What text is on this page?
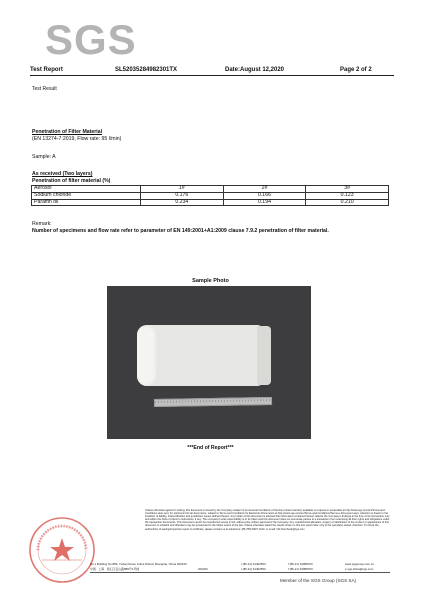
SGS
Test Report	SL52035284982301TX	Date:August 12,2020	Page 2 of 2
Test Result
Penetration of Filter Material
(EN 13274-7:2019, Flow rate: 95 l/min)
Sample: A
As received (Two layers)
Penetration of filter material (%)
Aerosol	1#	2#	3#
Sodium chloride	0.176	0.166	0.123
Paraffin oil	0.234	0.194	0.210
Remark:
Number of specimens and flow rate refer to parameter of EN 149:2001+A1:2009 clause 7.9.2 penetration of filter material.
Sample Photo
***End of Report***
Unless otherwise agreed in writing, this document is issued by the Company subject to its General Conditions of Service printed overleaf, available on request or accessible at http://www.sgs.com/en/Terms-and-Conditions.aspx and, for electronic format documents, subject to Terms and Conditions for Electronic Documents at http://www.sgs.com/en/Terms-and-Conditions/Terms-e-Document.aspx. Attention is drawn to the limitation of liability, indemnification and jurisdiction issues defined therein. Any holder of this document is advised that information contained hereon reflects the Company's findings at the time of its intervention only and within the limits of Client's instructions, if any. The Company's sole responsibility is to its Client and this document does not exonerate parties to a transaction from exercising all their rights and obligations under the transaction documents. This document cannot be reproduced except in full, without prior written approval of the Company. Any unauthorized alteration, forgery or falsification of the content or appearance of this document is unlawful and offenders may be prosecuted to the fullest extent of the law. Unless otherwise stated the results shown in this test report refer only to the sample(s) tested. Attention: To check the authenticity of testing/inspection report & certificate, please contact us at telephone: (86-755) 8307 1443, or email: CN.Doccheck@sgs.com
No.1 Building No.889, Yishan Road, Xuhui District Shanghai, China 200233	t (86-21) 61402553	f (86-21) 64958763	www.sgsgroup.com.cn
中国 · 上海 · 徐汇区宜山路889号1号楼	200233	t (86-21) 61402553	f (86-21) 64958763	e sgs.china@sgs.com
Member of the SGS Group (SGS SA)
